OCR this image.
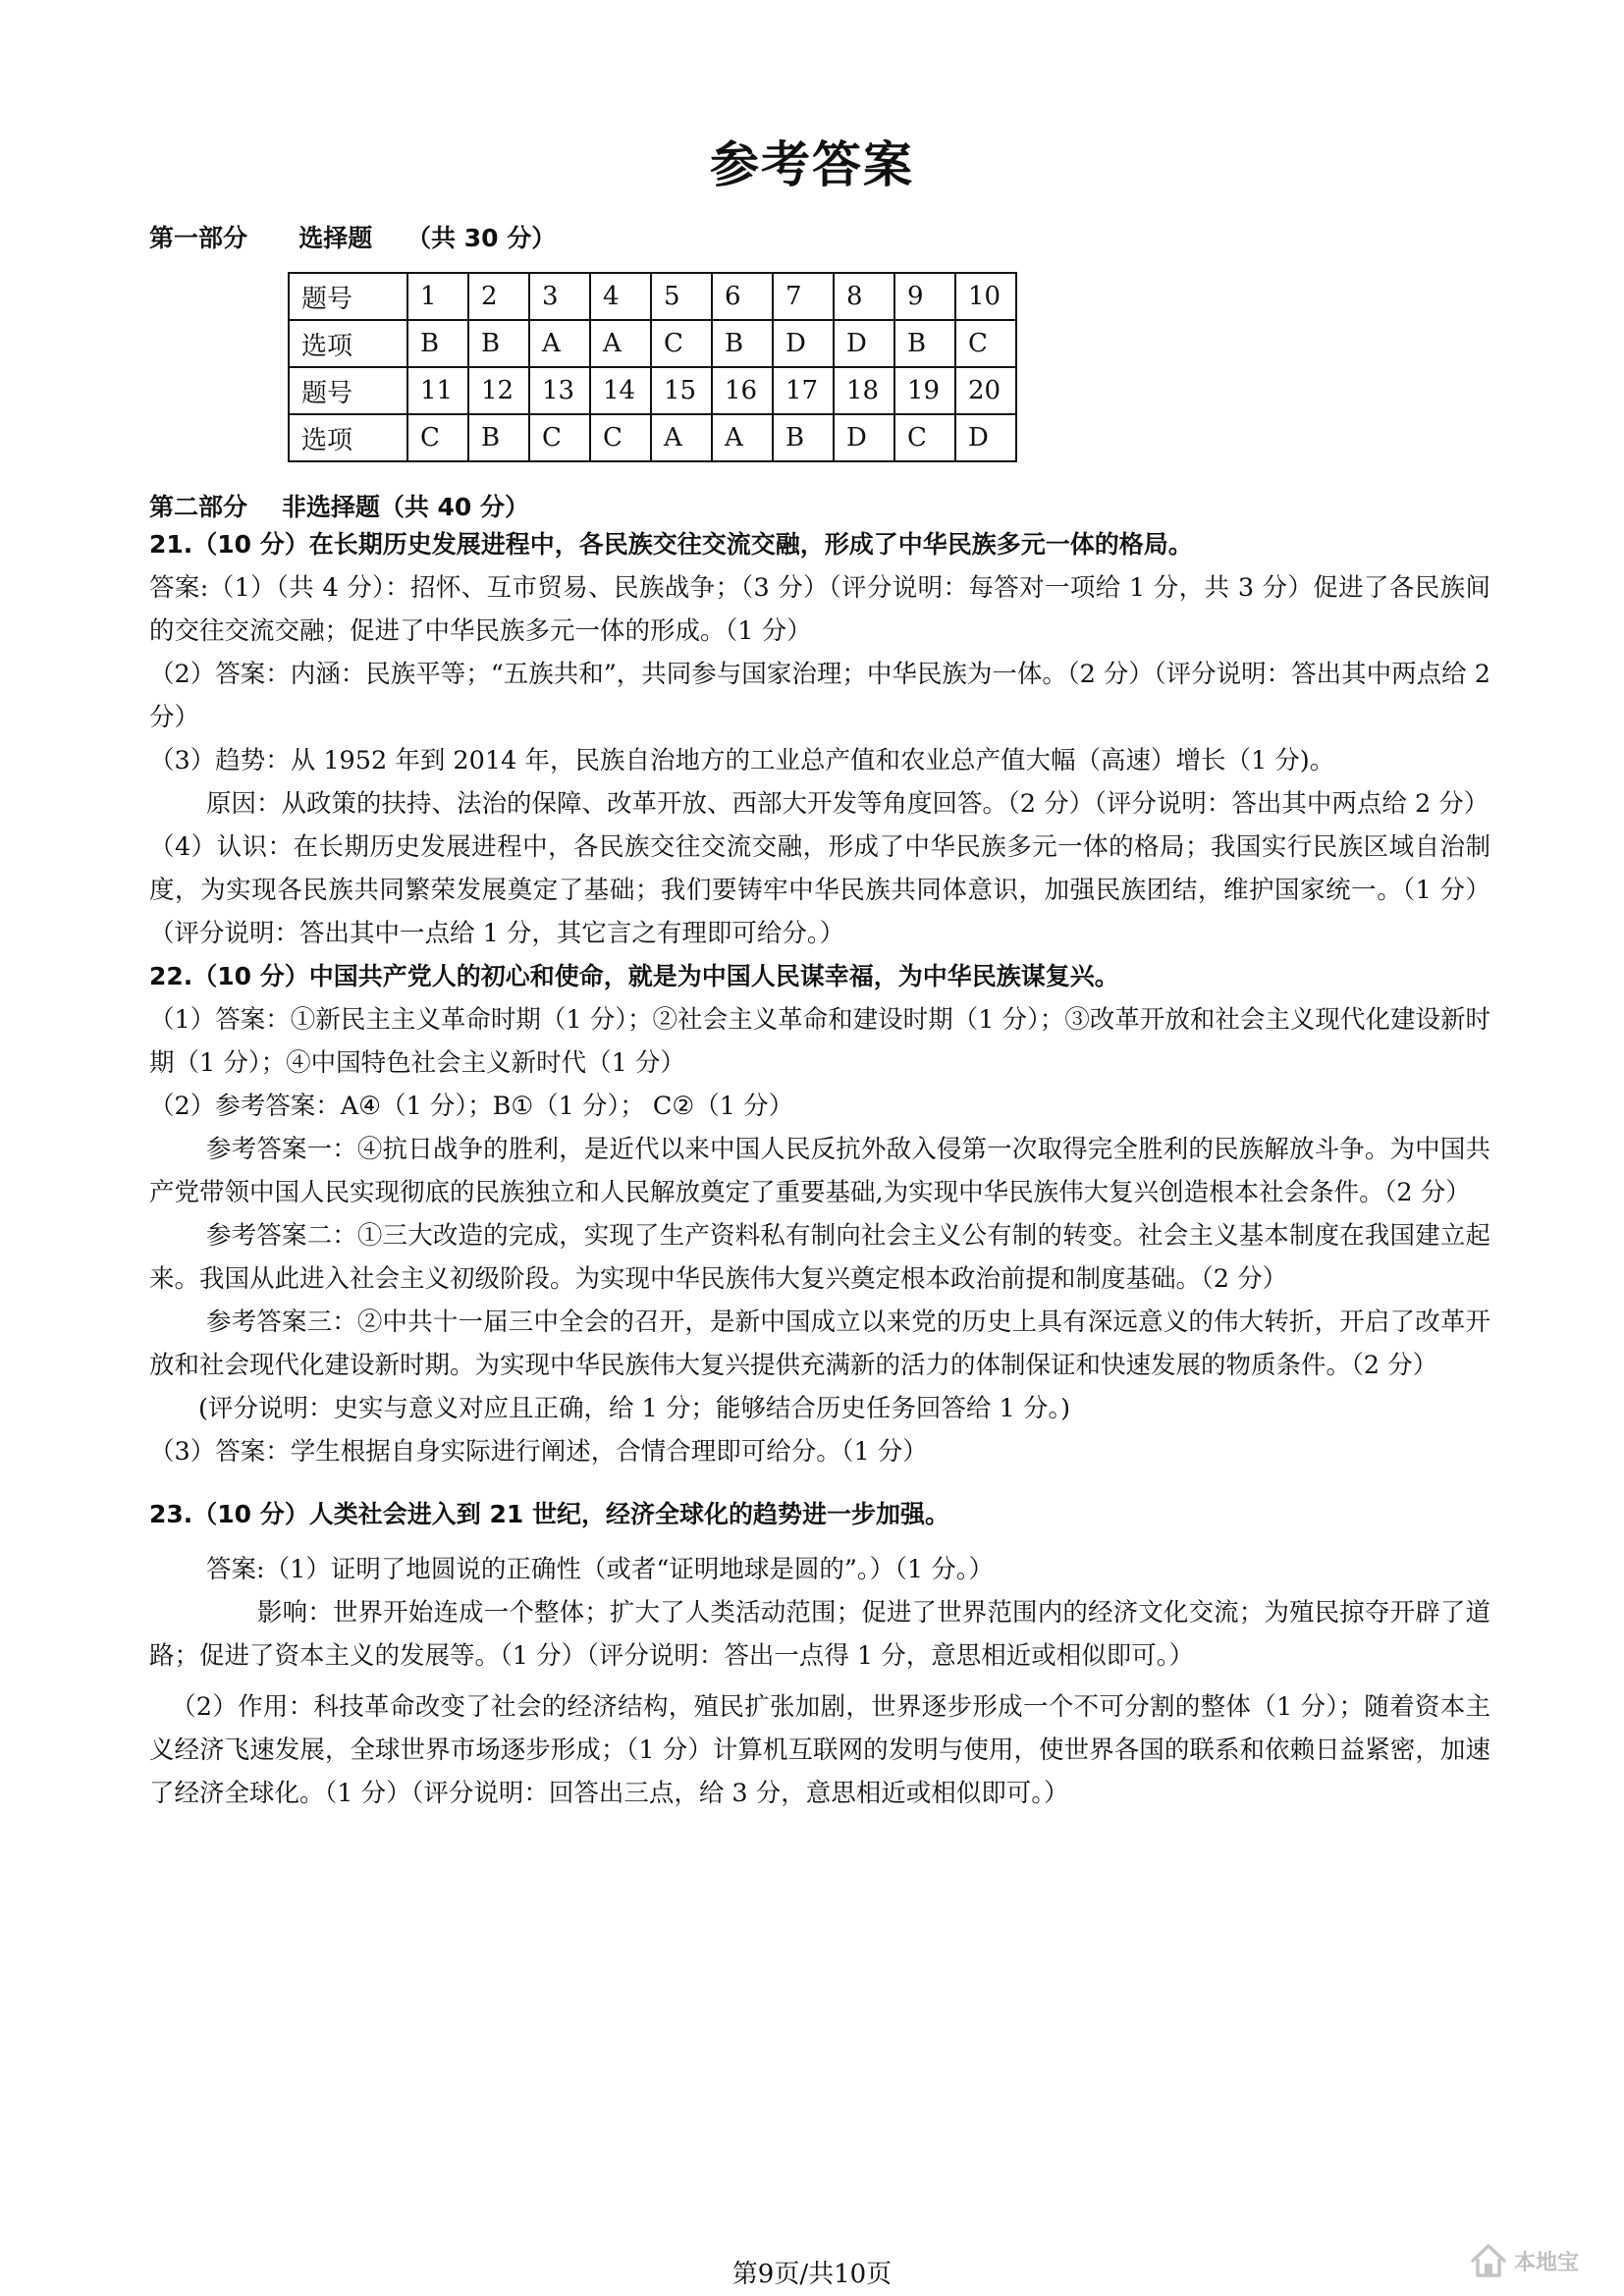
参考答案
第一部分      选择题    （共 30 分）
题号	1	2	3	4	5	6	7	8	9	10
选项	B	B	A	A	C	B	D	D	B	C
题号	11	12	13	14	15	16	17	18	19	20
选项	C	B	C	C	A	A	B	D	C	D
第二部分    非选择题（共 40 分）

21.（10 分）在长期历史发展进程中，各民族交往交流交融，形成了中华民族多元一体的格局。

答案:（1）（共 4 分）：招怀、互市贸易、民族战争；（3 分）（评分说明：每答对一项给 1 分，共 3 分）促进了各民族间的交往交流交融；促进了中华民族多元一体的形成。（1 分）

（2）答案：内涵：民族平等；“五族共和”，共同参与国家治理；中华民族为一体。（2 分）（评分说明：答出其中两点给 2 分）

（3）趋势：从 1952 年到 2014 年，民族自治地方的工业总产值和农业总产值大幅（高速）增长（1 分)。

原因：从政策的扶持、法治的保障、改革开放、西部大开发等角度回答。（2 分）（评分说明：答出其中两点给 2 分）

（4）认识：在长期历史发展进程中，各民族交往交流交融，形成了中华民族多元一体的格局；我国实行民族区域自治制度，为实现各民族共同繁荣发展奠定了基础；我们要铸牢中华民族共同体意识，加强民族团结，维护国家统一。（1 分）（评分说明：答出其中一点给 1 分，其它言之有理即可给分。）

22.（10 分）中国共产党人的初心和使命，就是为中国人民谋幸福，为中华民族谋复兴。

（1）答案：①新民主主义革命时期（1 分）；②社会主义革命和建设时期（1 分）；③改革开放和社会主义现代化建设新时期（1 分）；④中国特色社会主义新时代（1 分）

（2）参考答案：A④（1 分）；B①（1 分）； C②（1 分）

参考答案一：④抗日战争的胜利，是近代以来中国人民反抗外敌入侵第一次取得完全胜利的民族解放斗争。为中国共产党带领中国人民实现彻底的民族独立和人民解放奠定了重要基础,为实现中华民族伟大复兴创造根本社会条件。（2 分）

参考答案二：①三大改造的完成，实现了生产资料私有制向社会主义公有制的转变。社会主义基本制度在我国建立起来。我国从此进入社会主义初级阶段。为实现中华民族伟大复兴奠定根本政治前提和制度基础。（2 分）

参考答案三：②中共十一届三中全会的召开，是新中国成立以来党的历史上具有深远意义的伟大转折，开启了改革开放和社会现代化建设新时期。为实现中华民族伟大复兴提供充满新的活力的体制保证和快速发展的物质条件。（2 分）

(评分说明：史实与意义对应且正确，给 1 分；能够结合历史任务回答给 1 分。)

（3）答案：学生根据自身实际进行阐述，合情合理即可给分。（1 分）

23.（10 分）人类社会进入到 21 世纪，经济全球化的趋势进一步加强。

答案:（1）证明了地圆说的正确性（或者“证明地球是圆的”。）（1 分。）

影响：世界开始连成一个整体；扩大了人类活动范围；促进了世界范围内的经济文化交流；为殖民掠夺开辟了道路；促进了资本主义的发展等。（1 分）（评分说明：答出一点得 1 分，意思相近或相似即可。）

（2）作用：科技革命改变了社会的经济结构，殖民扩张加剧，世界逐步形成一个不可分割的整体（1 分）；随着资本主义经济飞速发展，全球世界市场逐步形成；（1 分）计算机互联网的发明与使用，使世界各国的联系和依赖日益紧密，加速了经济全球化。（1 分）（评分说明：回答出三点，给 3 分，意思相近或相似即可。）

第9页/共10页	本地宝
